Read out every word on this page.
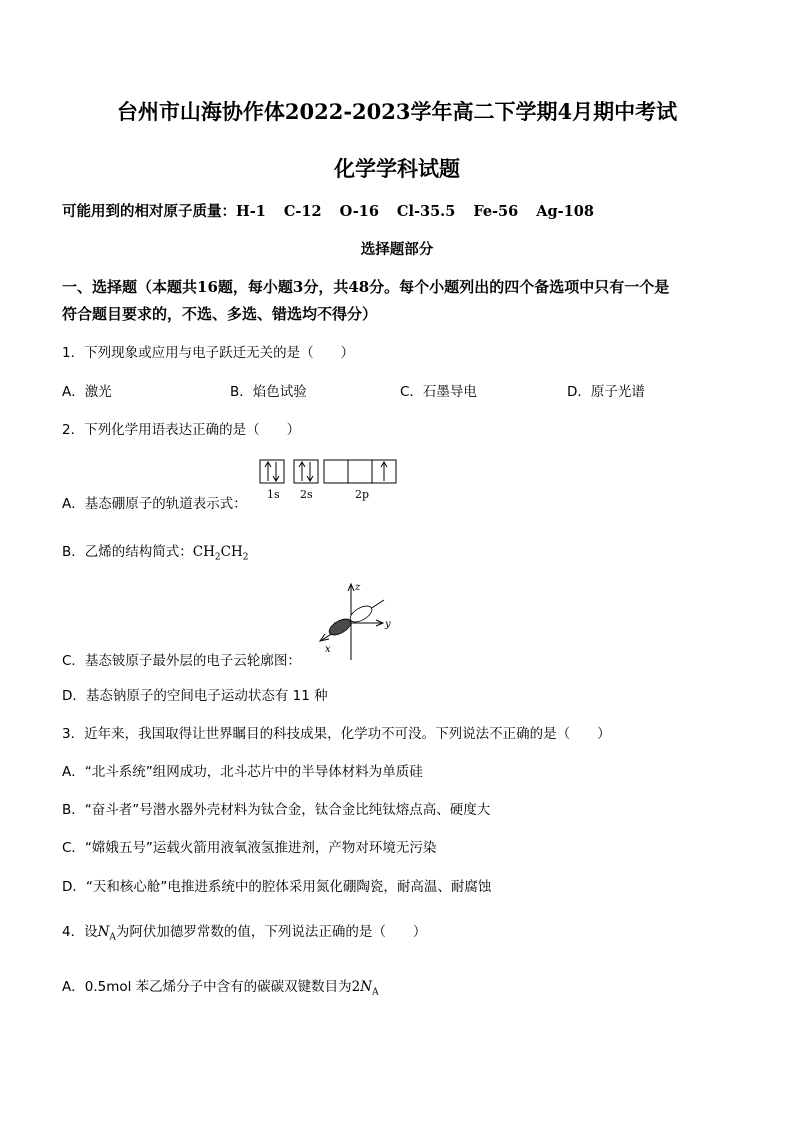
台州市山海协作体2022-2023学年高二下学期4月期中考试
化学学科试题
可能用到的相对原子质量：H-1 C-12 O-16 Cl-35.5 Fe-56 Ag-108
选择题部分
一、选择题（本题共16题，每小题3分，共48分。每个小题列出的四个备选项中只有一个是
符合题目要求的，不选、多选、错选均不得分）
1．下列现象或应用与电子跃迁无关的是（　　）
A．激光	B．焰色试验	C．石墨导电	D．原子光谱
2．下列化学用语表达正确的是（　　）
A．基态硼原子的轨道表示式：
1s 2s	2p
B．乙烯的结构简式：$CH_2CH_2$
z
y
x
C．基态铍原子最外层的电子云轮廓图：
D．基态钠原子的空间电子运动状态有 11 种
3．近年来，我国取得让世界瞩目的科技成果，化学功不可没。下列说法不正确的是（　　）
A．“北斗系统”组网成功，北斗芯片中的半导体材料为单质硅
B．“奋斗者”号潜水器外壳材料为钛合金，钛合金比纯钛熔点高、硬度大
C．“嫦娥五号”运载火箭用液氧液氢推进剂，产物对环境无污染
D．“天和核心舱”电推进系统中的腔体采用氮化硼陶瓷，耐高温、耐腐蚀
4．设$N_A$为阿伏加德罗常数的值，下列说法正确的是（　　）
A．0.5mol 苯乙烯分子中含有的碳碳双键数目为$2N_A$
